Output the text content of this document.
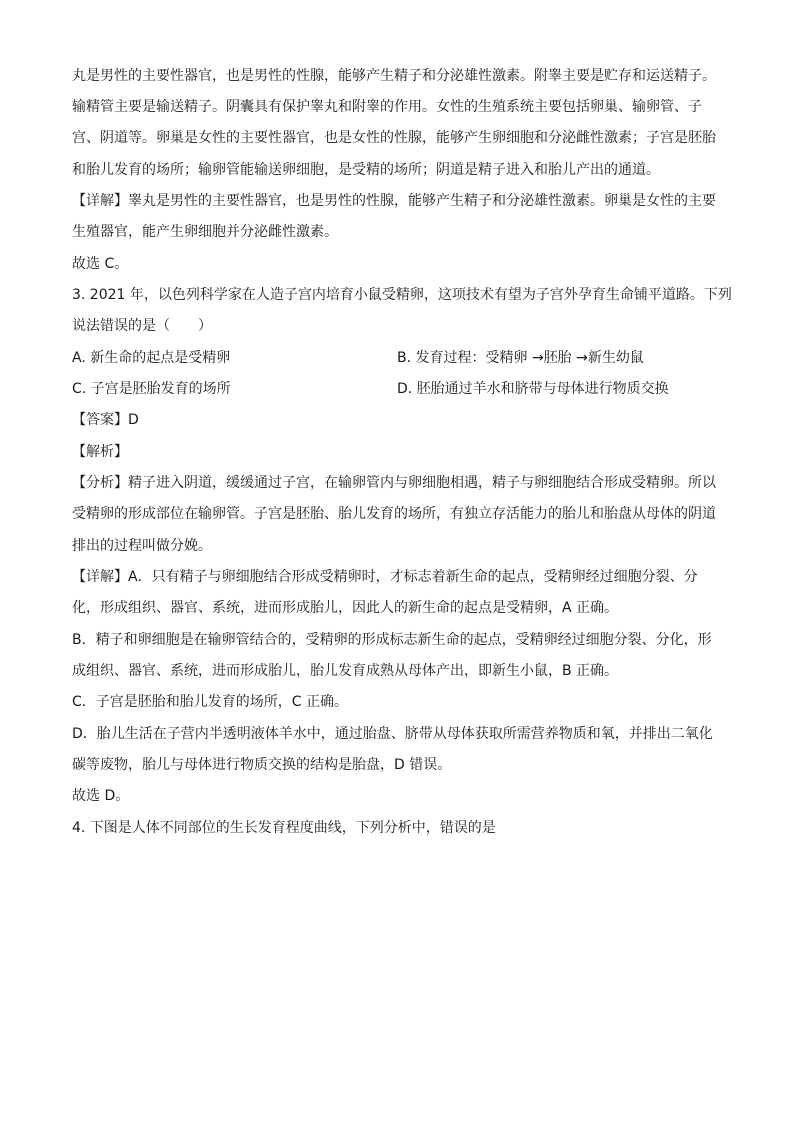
丸是男性的主要性器官，也是男性的性腺，能够产生精子和分泌雄性激素。附睾主要是贮存和运送精子。
输精管主要是输送精子。阴囊具有保护睾丸和附睾的作用。女性的生殖系统主要包括卵巢、输卵管、子
宫、阴道等。卵巢是女性的主要性器官，也是女性的性腺，能够产生卵细胞和分泌雌性激素；子宫是胚胎
和胎儿发育的场所；输卵管能输送卵细胞，是受精的场所；阴道是精子进入和胎儿产出的通道。
【详解】睾丸是男性的主要性器官，也是男性的性腺，能够产生精子和分泌雄性激素。卵巢是女性的主要
生殖器官，能产生卵细胞并分泌雌性激素。
故选 C。
3. 2021 年，以色列科学家在人造子宫内培育小鼠受精卵，这项技术有望为子宫外孕育生命铺平道路。下列
说法错误的是（　　）
A. 新生命的起点是受精卵	B. 发育过程：受精卵 →胚胎 →新生幼鼠
C. 子宫是胚胎发育的场所	D. 胚胎通过羊水和脐带与母体进行物质交换
【答案】D
【解析】
【分析】精子进入阴道，缓缓通过子宫，在输卵管内与卵细胞相遇，精子与卵细胞结合形成受精卵。所以
受精卵的形成部位在输卵管。子宫是胚胎、胎儿发育的场所，有独立存活能力的胎儿和胎盘从母体的阴道
排出的过程叫做分娩。
【详解】A．只有精子与卵细胞结合形成受精卵时，才标志着新生命的起点，受精卵经过细胞分裂、分
化，形成组织、器官、系统，进而形成胎儿，因此人的新生命的起点是受精卵，A 正确。
B．精子和卵细胞是在输卵管结合的，受精卵的形成标志新生命的起点，受精卵经过细胞分裂、分化，形
成组织、器官、系统，进而形成胎儿，胎儿发育成熟从母体产出，即新生小鼠，B 正确。
C．子宫是胚胎和胎儿发育的场所，C 正确。
D．胎儿生活在子营内半透明液体羊水中，通过胎盘、脐带从母体获取所需营养物质和氧，并排出二氧化
碳等废物，胎儿与母体进行物质交换的结构是胎盘，D 错误。
故选 D。
4. 下图是人体不同部位的生长发育程度曲线，下列分析中，错误的是
